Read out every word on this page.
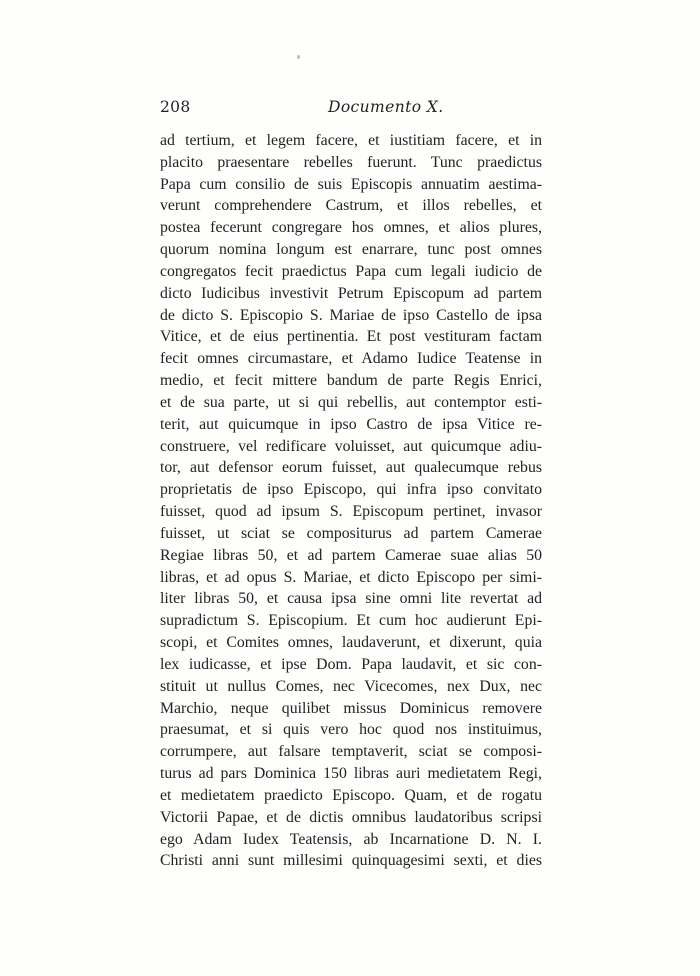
208	Documento X.
ad tertium, et legem facere, et iustitiam facere, et in
placito praesentare rebelles fuerunt. Tunc praedictus
Papa cum consilio de suis Episcopis annuatim aestima-
verunt comprehendere Castrum, et illos rebelles, et
postea fecerunt congregare hos omnes, et alios plures,
quorum nomina longum est enarrare, tunc post omnes
congregatos fecit praedictus Papa cum legali iudicio de
dicto Iudicibus investivit Petrum Episcopum ad partem
de dicto S. Episcopio S. Mariae de ipso Castello de ipsa
Vitice, et de eius pertinentia. Et post vestituram factam
fecit omnes circumastare, et Adamo Iudice Teatense in
medio, et fecit mittere bandum de parte Regis Enrici,
et de sua parte, ut si qui rebellis, aut contemptor esti-
terit, aut quicumque in ipso Castro de ipsa Vitice re-
construere, vel redificare voluisset, aut quicumque adiu-
tor, aut defensor eorum fuisset, aut qualecumque rebus
proprietatis de ipso Episcopo, qui infra ipso convitato
fuisset, quod ad ipsum S. Episcopum pertinet, invasor
fuisset, ut sciat se compositurus ad partem Camerae
Regiae libras 50, et ad partem Camerae suae alias 50
libras, et ad opus S. Mariae, et dicto Episcopo per simi-
liter libras 50, et causa ipsa sine omni lite revertat ad
supradictum S. Episcopium. Et cum hoc audierunt Epi-
scopi, et Comites omnes, laudaverunt, et dixerunt, quia
lex iudicasse, et ipse Dom. Papa laudavit, et sic con-
stituit ut nullus Comes, nec Vicecomes, nex Dux, nec
Marchio, neque quilibet missus Dominicus removere
praesumat, et si quis vero hoc quod nos instituimus,
corrumpere, aut falsare temptaverit, sciat se composi-
turus ad pars Dominica 150 libras auri medietatem Regi,
et medietatem praedicto Episcopo. Quam, et de rogatu
Victorii Papae, et de dictis omnibus laudatoribus scripsi
ego Adam Iudex Teatensis, ab Incarnatione D. N. I.
Christi anni sunt millesimi quinquagesimi sexti, et dies
